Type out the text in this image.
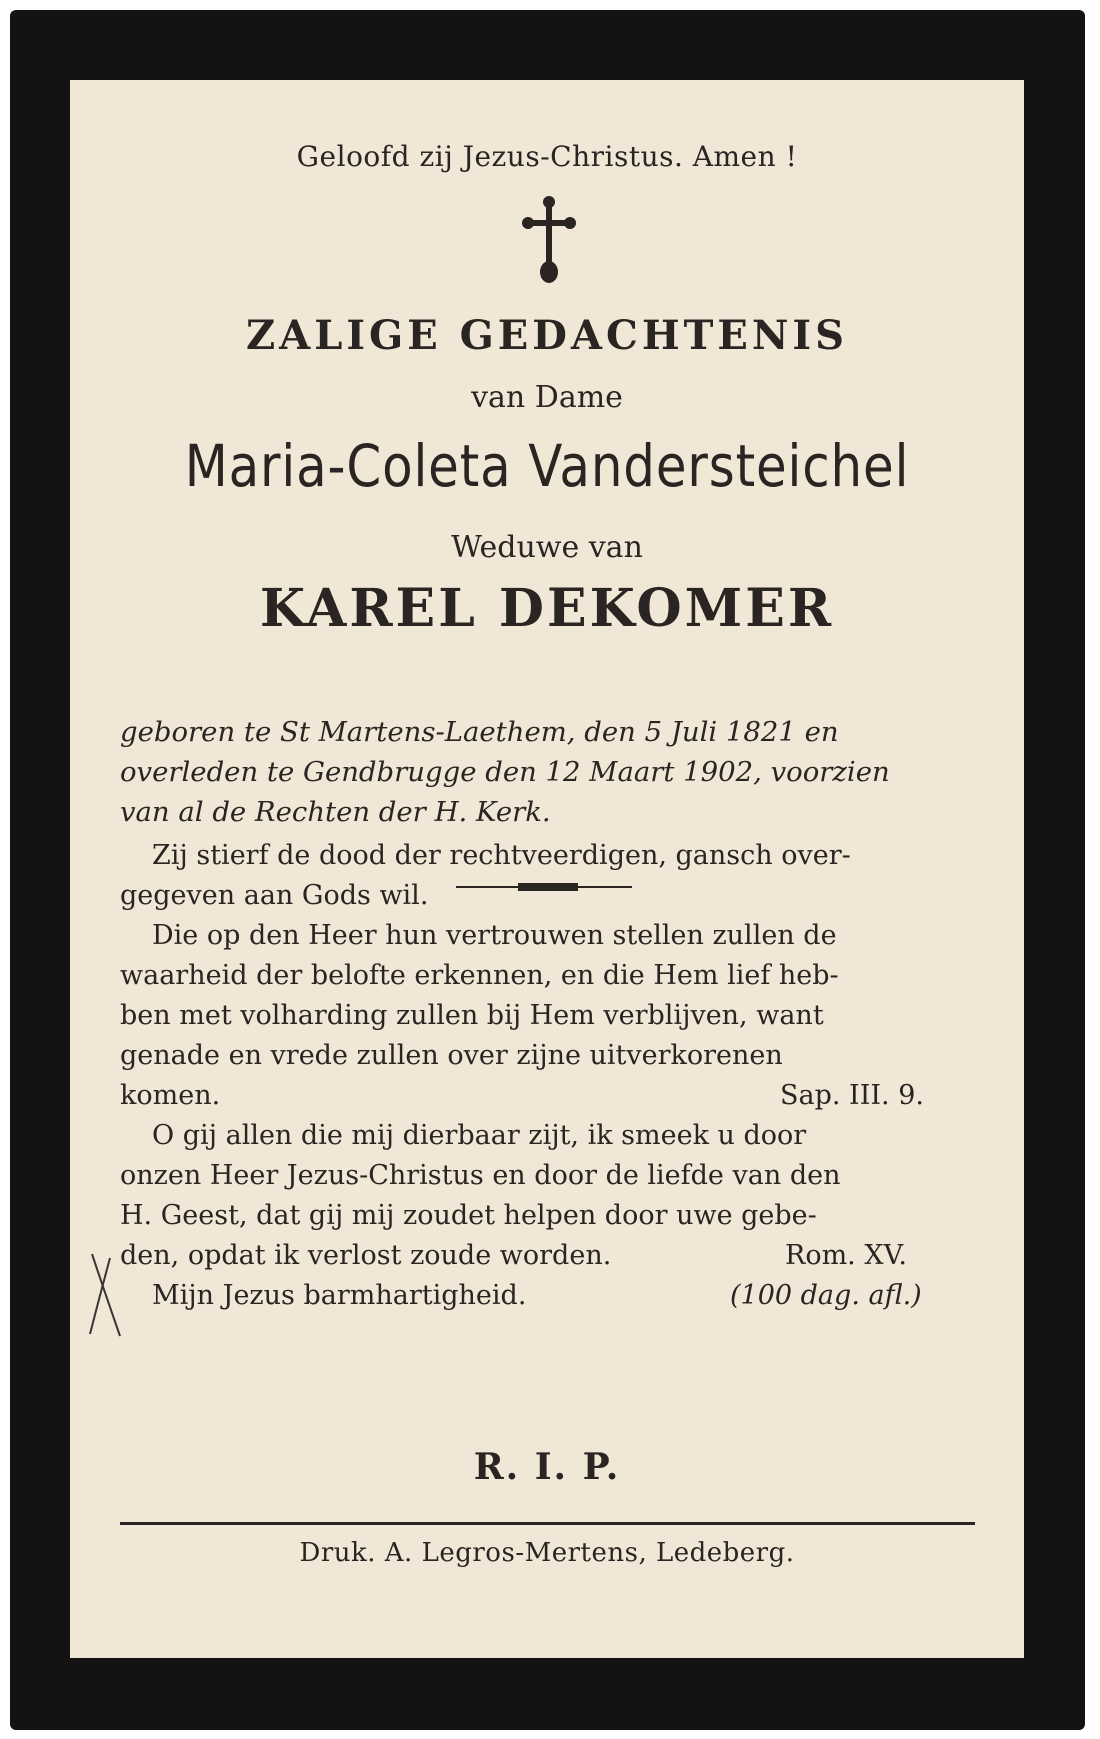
Geloofd zij Jezus-Christus. Amen !
ZALIGE GEDACHTENIS
van Dame
Maria-Coleta Vandersteichel
Weduwe van
KAREL DEKOMER
geboren te St Martens-Laethem, den 5 Juli 1821 en
overleden te Gendbrugge den 12 Maart 1902, voorzien
van al de Rechten der H. Kerk.
Zij stierf de dood der rechtveerdigen, gansch over-
gegeven aan Gods wil.
Die op den Heer hun vertrouwen stellen zullen de
waarheid der belofte erkennen, en die Hem lief heb-
ben met volharding zullen bij Hem verblijven, want
genade en vrede zullen over zijne uitverkorenen
komen.	Sap. III. 9.
O gij allen die mij dierbaar zijt, ik smeek u door
onzen Heer Jezus-Christus en door de liefde van den
H. Geest, dat gij mij zoudet helpen door uwe gebe-
den, opdat ik verlost zoude worden.	Rom. XV.
Mijn Jezus barmhartigheid.	(100 dag. afl.)
R. I. P.
Druk. A. Legros-Mertens, Ledeberg.
